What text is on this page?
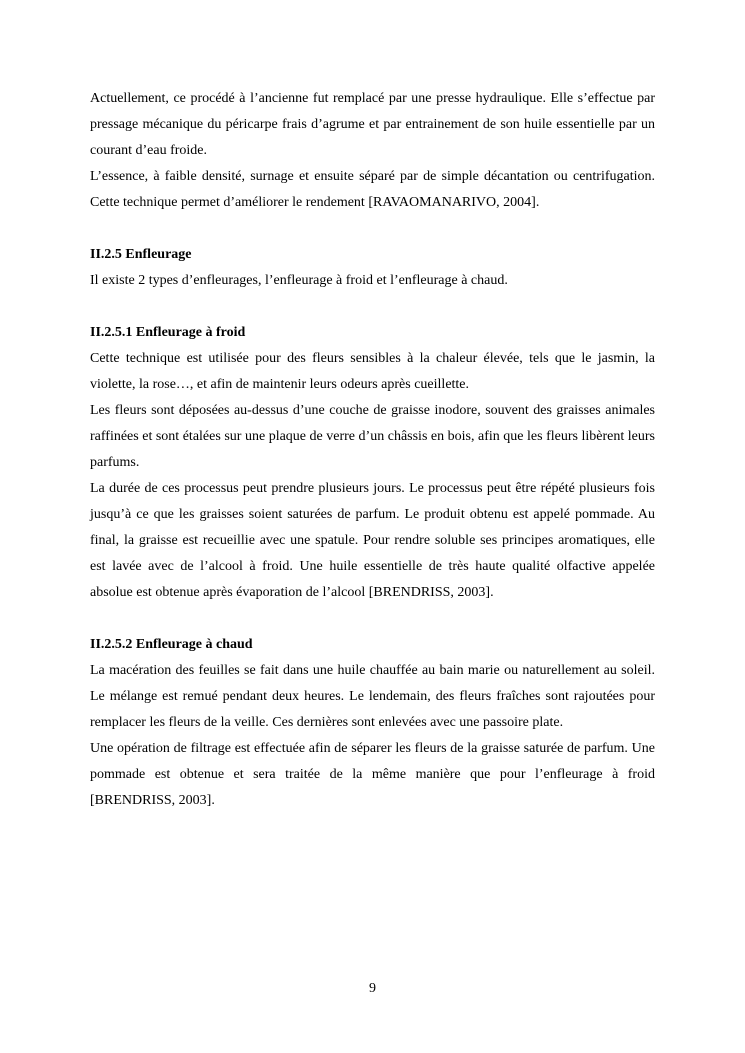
Actuellement, ce procédé à l’ancienne fut remplacé par une presse hydraulique. Elle s’effectue par pressage mécanique du péricarpe frais d’agrume et par entrainement de son huile essentielle par un courant d’eau froide.

L’essence, à faible densité, surnage et ensuite séparé par de simple décantation ou centrifugation. Cette technique permet d’améliorer le rendement [RAVAOMANARIVO, 2004].

II.2.5 Enfleurage

Il existe 2 types d’enfleurages, l’enfleurage à froid et l’enfleurage à chaud.

II.2.5.1 Enfleurage à froid

Cette technique est utilisée pour des fleurs sensibles à la chaleur élevée, tels que le jasmin, la violette, la rose…, et afin de maintenir leurs odeurs après cueillette.

Les fleurs sont déposées au-dessus d’une couche de graisse inodore, souvent des graisses animales raffinées et sont étalées sur une plaque de verre d’un châssis en bois, afin que les fleurs libèrent leurs parfums.

La durée de ces processus peut prendre plusieurs jours. Le processus peut être répété plusieurs fois jusqu’à ce que les graisses soient saturées de parfum. Le produit obtenu est appelé pommade. Au final, la graisse est recueillie avec une spatule. Pour rendre soluble ses principes aromatiques, elle est lavée avec de l’alcool à froid. Une huile essentielle de très haute qualité olfactive appelée absolue est obtenue après évaporation de l’alcool [BRENDRISS, 2003].

II.2.5.2 Enfleurage à chaud

La macération des feuilles se fait dans une huile chauffée au bain marie ou naturellement au soleil. Le mélange est remué pendant deux heures. Le lendemain, des fleurs fraîches sont rajoutées pour remplacer les fleurs de la veille. Ces dernières sont enlevées avec une passoire plate.

Une opération de filtrage est effectuée afin de séparer les fleurs de la graisse saturée de parfum. Une pommade est obtenue et sera traitée de la même manière que pour l’enfleurage à froid [BRENDRISS, 2003].

9
